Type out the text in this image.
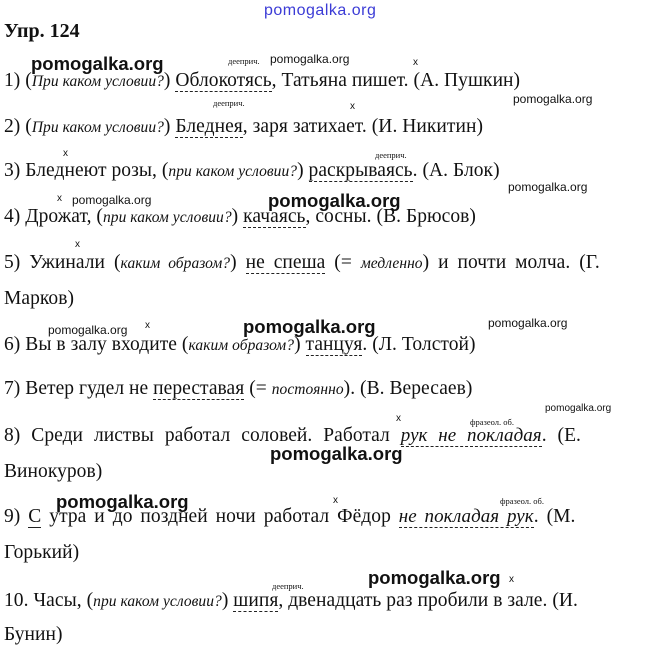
pomogalka.org
pomogalka.org	pomogalka.org
pomogalka.org
pomogalka.org
pomogalka.org	pomogalka.org
pomogalka.org	pomogalka.org	pomogalka.org
pomogalka.org
pomogalka.org
pomogalka.org
pomogalka.org
Упр. 124
дееприч.	x
дееприч.	x
x	дееприч.
x
x
x
x	фразеол. об.
x	фразеол. об.
дееприч.
x
1) (При каком условии?) Облокотясь, Татьяна пишет. (А. Пушкин)
2) (При каком условии?) Бледнея, заря затихает. (И. Никитин)
3) Бледнеют розы, (при каком условии?) раскрываясь. (А. Блок)
4) Дрожат, (при каком условии?) качаясь, сосны. (В. Брюсов)
5) Ужинали (каким образом?) не спеша (= медленно) и почти молча. (Г.
Марков)
6) Вы в залу входите (каким образом?) танцуя. (Л. Толстой)
7) Ветер гудел не переставая (= постоянно). (В. Вересаев)
8) Среди листвы работал соловей. Работал рук не покладая. (Е.
Винокуров)
9) С утра и до поздней ночи работал Фёдор не покладая рук. (М.
Горький)
10. Часы, (при каком условии?) шипя, двенадцать раз пробили в зале. (И.
Бунин)
